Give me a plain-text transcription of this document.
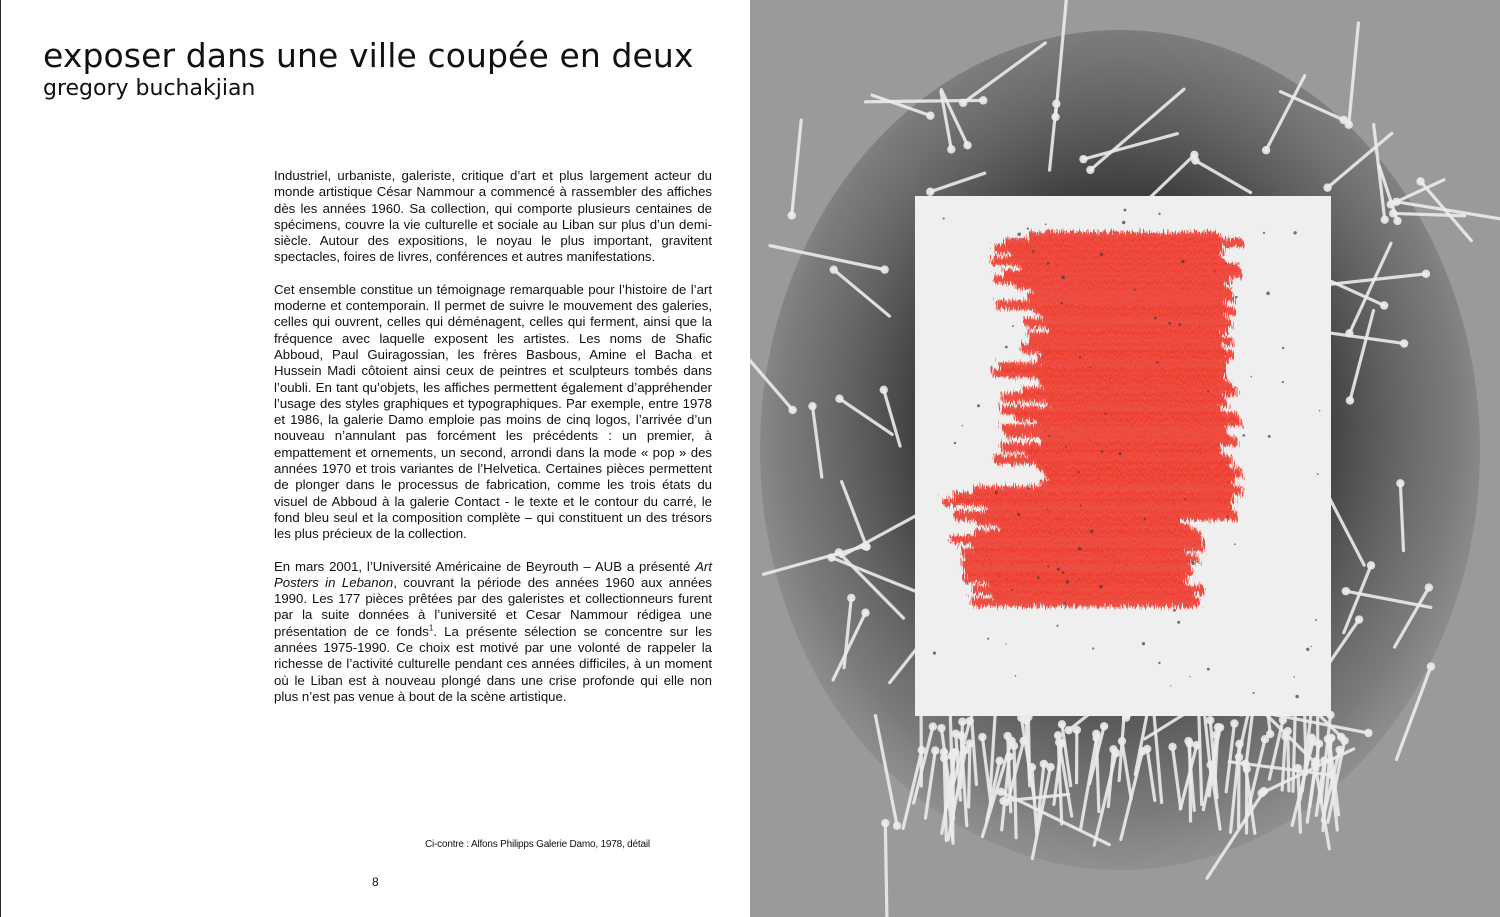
exposer dans une ville coupée en deux
gregory buchakjian

Industriel, urbaniste, galeriste, critique d’art et plus largement acteur du monde artistique César Nammour a commencé à rassembler des affiches dès les années 1960. Sa collection, qui comporte plusieurs centaines de spécimens, couvre la vie culturelle et sociale au Liban sur plus d’un demi-siècle. Autour des expositions, le noyau le plus important, gravitent spectacles, foires de livres, conférences et autres manifestations.

Cet ensemble constitue un témoignage remarquable pour l’histoire de l’art moderne et contemporain. Il permet de suivre le mouvement des galeries, celles qui ouvrent, celles qui déménagent, celles qui ferment, ainsi que la fréquence avec laquelle exposent les artistes. Les noms de Shafic Abboud, Paul Guiragossian, les frères Basbous, Amine el Bacha et Hussein Madi côtoient ainsi ceux de peintres et sculpteurs tombés dans l’oubli. En tant qu’objets, les affiches permettent également d’appréhender l’usage des styles graphiques et typographiques. Par exemple, entre 1978 et 1986, la galerie Damo emploie pas moins de cinq logos, l’arrivée d’un nouveau n’annulant pas forcément les précédents : un premier, à empattement et ornements, un second, arrondi dans la mode « pop » des années 1970 et trois variantes de l’Helvetica. Certaines pièces permettent de plonger dans le processus de fabrication, comme les trois états du visuel de Abboud à la galerie Contact - le texte et le contour du carré, le fond bleu seul et la composition complète – qui constituent un des trésors les plus précieux de la collection.

En mars 2001, l’Université Américaine de Beyrouth – AUB a présenté Art Posters in Lebanon, couvrant la période des années 1960 aux années 1990. Les 177 pièces prêtées par des galeristes et collectionneurs furent par la suite données à l’université et Cesar Nammour rédigea une présentation de ce fonds$^1$. La présente sélection se concentre sur les années 1975-1990. Ce choix est motivé par une volonté de rappeler la richesse de l’activité culturelle pendant ces années difficiles, à un moment où le Liban est à nouveau plongé dans une crise profonde qui elle non plus n’est pas venue à bout de la scène artistique.

Ci-contre : Alfons Philipps Galerie Damo, 1978, détail
8
